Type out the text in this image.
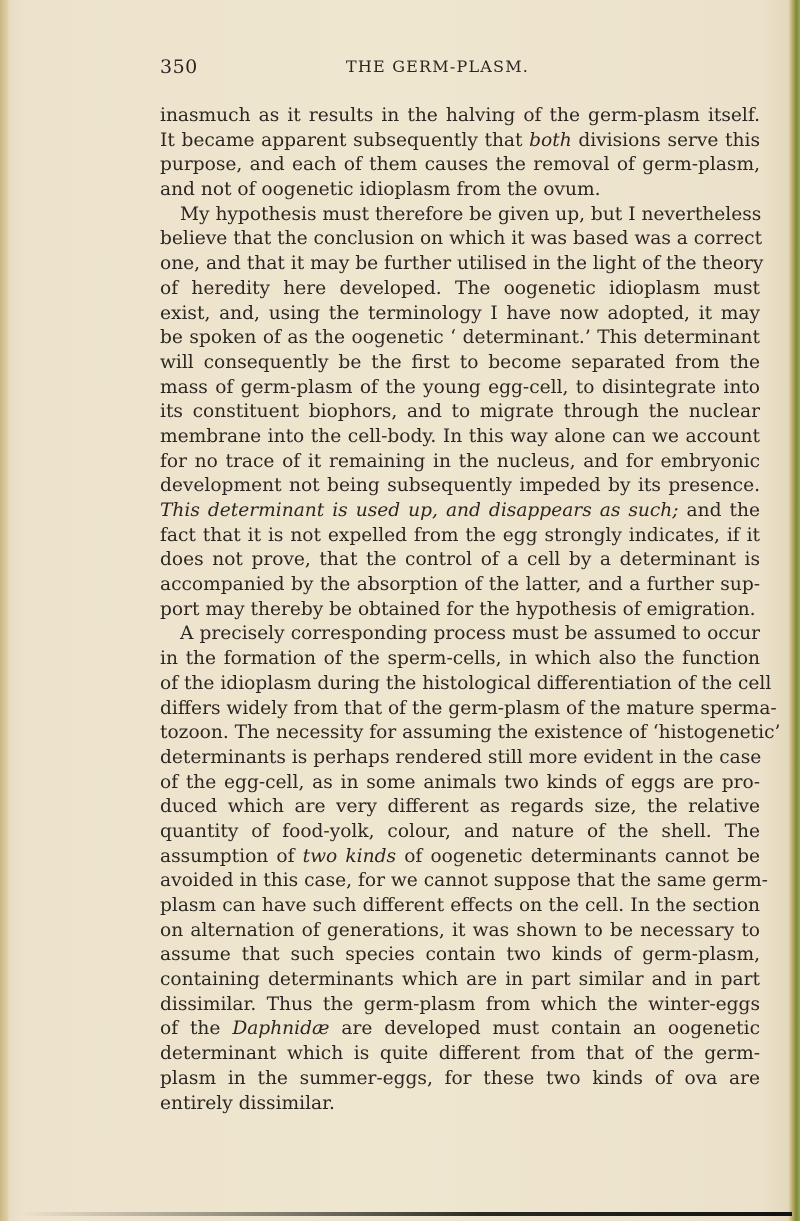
350	THE GERM-PLASM.
inasmuch as it results in the halving of the germ-plasm itself.
It became apparent subsequently that both divisions serve this
purpose, and each of them causes the removal of germ-plasm,
and not of oogenetic idioplasm from the ovum.
My hypothesis must therefore be given up, but I nevertheless
believe that the conclusion on which it was based was a correct
one, and that it may be further utilised in the light of the theory
of heredity here developed. The oogenetic idioplasm must
exist, and, using the terminology I have now adopted, it may
be spoken of as the oogenetic ‘ determinant.’ This determinant
will consequently be the first to become separated from the
mass of germ-plasm of the young egg-cell, to disintegrate into
its constituent biophors, and to migrate through the nuclear
membrane into the cell-body. In this way alone can we account
for no trace of it remaining in the nucleus, and for embryonic
development not being subsequently impeded by its presence.
This determinant is used up, and disappears as such; and the
fact that it is not expelled from the egg strongly indicates, if it
does not prove, that the control of a cell by a determinant is
accompanied by the absorption of the latter, and a further sup-
port may thereby be obtained for the hypothesis of emigration.
A precisely corresponding process must be assumed to occur
in the formation of the sperm-cells, in which also the function
of the idioplasm during the histological differentiation of the cell
differs widely from that of the germ-plasm of the mature sperma-
tozoon. The necessity for assuming the existence of ‘histogenetic’
determinants is perhaps rendered still more evident in the case
of the egg-cell, as in some animals two kinds of eggs are pro-
duced which are very different as regards size, the relative
quantity of food-yolk, colour, and nature of the shell. The
assumption of two kinds of oogenetic determinants cannot be
avoided in this case, for we cannot suppose that the same germ-
plasm can have such different effects on the cell. In the section
on alternation of generations, it was shown to be necessary to
assume that such species contain two kinds of germ-plasm,
containing determinants which are in part similar and in part
dissimilar. Thus the germ-plasm from which the winter-eggs
of the Daphnidæ are developed must contain an oogenetic
determinant which is quite different from that of the germ-
plasm in the summer-eggs, for these two kinds of ova are
entirely dissimilar.
